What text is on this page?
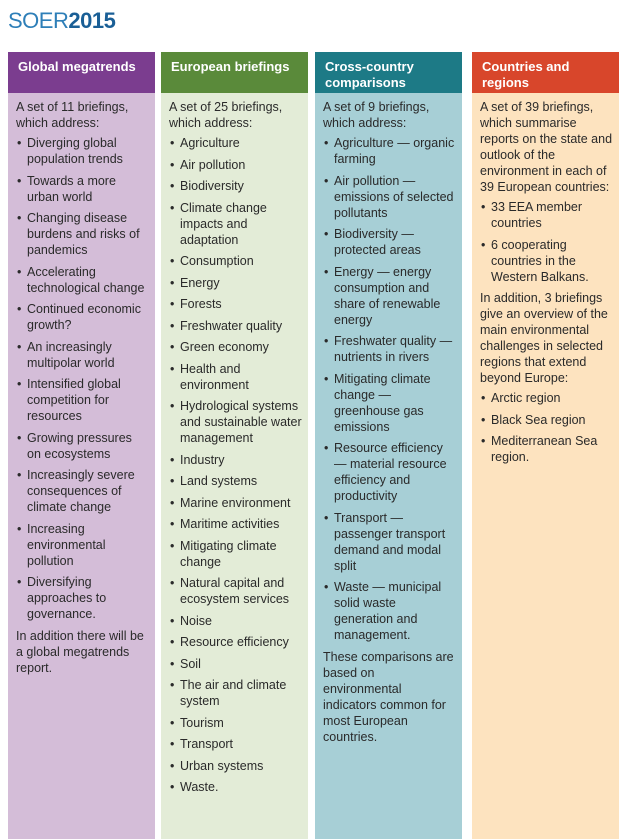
SOER2015
Global megatrends

A set of 11 briefings, which address:

• Diverging global population trends
• Towards a more urban world
• Changing disease burdens and risks of pandemics
• Accelerating technological change
• Continued economic growth?
• An increasingly multipolar world
• Intensified global competition for resources
• Growing pressures on ecosystems
• Increasingly severe consequences of climate change
• Increasing environmental pollution
• Diversifying approaches to governance.

In addition there will be a global megatrends report.

European briefings

A set of 25 briefings, which address:

• Agriculture
• Air pollution
• Biodiversity
• Climate change impacts and adaptation
• Consumption
• Energy
• Forests
• Freshwater quality
• Green economy
• Health and environment
• Hydrological systems and sustainable water management
• Industry
• Land systems
• Marine environment
• Maritime activities
• Mitigating climate change
• Natural capital and ecosystem services
• Noise
• Resource efficiency
• Soil
• The air and climate system
• Tourism
• Transport
• Urban systems
• Waste.
Cross-country comparisons

A set of 9 briefings, which address:

• Agriculture — organic farming
• Air pollution — emissions of selected pollutants
• Biodiversity — protected areas
• Energy — energy consumption and share of renewable energy
• Freshwater quality — nutrients in rivers
• Mitigating climate change — greenhouse gas emissions
• Resource efficiency — material resource efficiency and productivity
• Transport — passenger transport demand and modal split
• Waste — municipal solid waste generation and management.

These comparisons are based on environmental indicators common for most European countries.

Countries and regions

A set of 39 briefings, which summarise reports on the state and outlook of the environment in each of 39 European countries:

• 33 EEA member countries
• 6 cooperating countries in the Western Balkans.

In addition, 3 briefings give an overview of the main environmental challenges in selected regions that extend beyond Europe:

• Arctic region
• Black Sea region
• Mediterranean Sea region.
